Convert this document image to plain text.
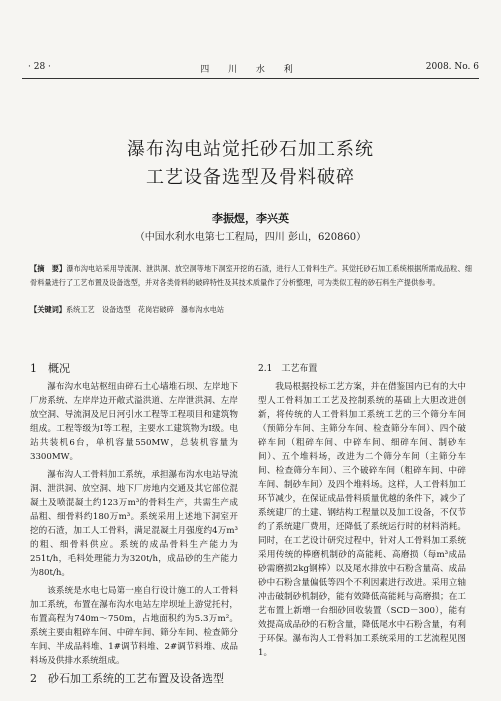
· 28 ·	四 川 水 利	2008. No. 6
瀑布沟电站觉托砂石加工系统
工艺设备选型及骨料破碎
李振煜，李兴英
（中国水利水电第七工程局，四川 彭山，620860）
【摘　要】瀑布沟电站采用导流洞、泄洪洞、放空洞等地下洞室开挖的石渣，进行人工骨料生产。其觉托砂石加工系统根据所需成品粒、细骨料量进行了工艺布置及设备选型，并对各类骨料的破碎特性及其技术质量作了分析整理，可为类似工程的砂石料生产提供参考。
【关键词】系统工艺　设备选型　花岗岩破碎　瀑布沟水电站
1　概况

瀑布沟水电站枢纽由碎石土心墙堆石坝、左岸地下厂房系统、左岸岸边开敞式溢洪道、左岸泄洪洞、左岸放空洞、导流洞及尼日河引水工程等工程项目和建筑物组成。工程等级为Ⅰ等工程，主要水工建筑物为Ⅰ级。电站共装机6台，单机容量550MW，总装机容量为3300MW。

瀑布沟人工骨料加工系统，承担瀑布沟水电站导流洞、泄洪洞、放空洞、地下厂房地内交通及其它部位混凝土及喷混凝土约123万m³的骨料生产，共需生产成品粗、细骨料约180万m³。系统采用上述地下洞室开挖的石渣，加工人工骨料，满足混凝土月强度约4万m³的粗、细骨料供应。系统的成品骨料生产能力为251t/h，毛料处理能力为320t/h，成品砂的生产能力为80t/h。

该系统是水电七局第一座自行设计施工的人工骨料加工系统，布置在瀑布沟水电站左岸坝址上游觉托村，布置高程为740m～750m，占地面积约为5.3万m²。系统主要由粗碎车间、中碎车间、筛分车间、检查筛分车间、半成品料堆、1#调节料堆、2#调节料堆、成品料场及供排水系统组成。

2　砂石加工系统的工艺布置及设备选型
2.1　工艺布置

我局根据投标工艺方案，并在借鉴国内已有的大中型人工骨料加工工艺及控制系统的基础上大胆改进创新，将传统的人工骨料加工系统工艺的三个筛分车间（预筛分车间、主筛分车间、检查筛分车间）、四个破碎车间（粗碎车间、中碎车间、细碎车间、制砂车间）、五个堆料场，改进为二个筛分车间（主筛分车间、检查筛分车间）、三个破碎车间（粗碎车间、中碎车间、制砂车间）及四个堆料场。这样，人工骨料加工环节减少，在保证成品骨料质量优越的条件下，减少了系统建厂的土建、钢结构工程量以及加工设备，不仅节约了系统建厂费用，还降低了系统运行时的材料消耗。同时，在工艺设计研究过程中，针对人工骨料加工系统采用传统的棒磨机制砂的高能耗、高磨损（每m³成品砂需磨损2kg钢棒）以及尾水排放中石粉含量高、成品砂中石粉含量偏低等四个不利因素进行改进。采用立轴冲击破制砂机制砂，能有效降低高能耗与高磨损；在工艺布置上新增一台细砂回收装置（SCD－300），能有效提高成品砂的石粉含量，降低尾水中石粉含量，有利于环保。瀑布沟人工骨料加工系统采用的工艺流程见图1。
